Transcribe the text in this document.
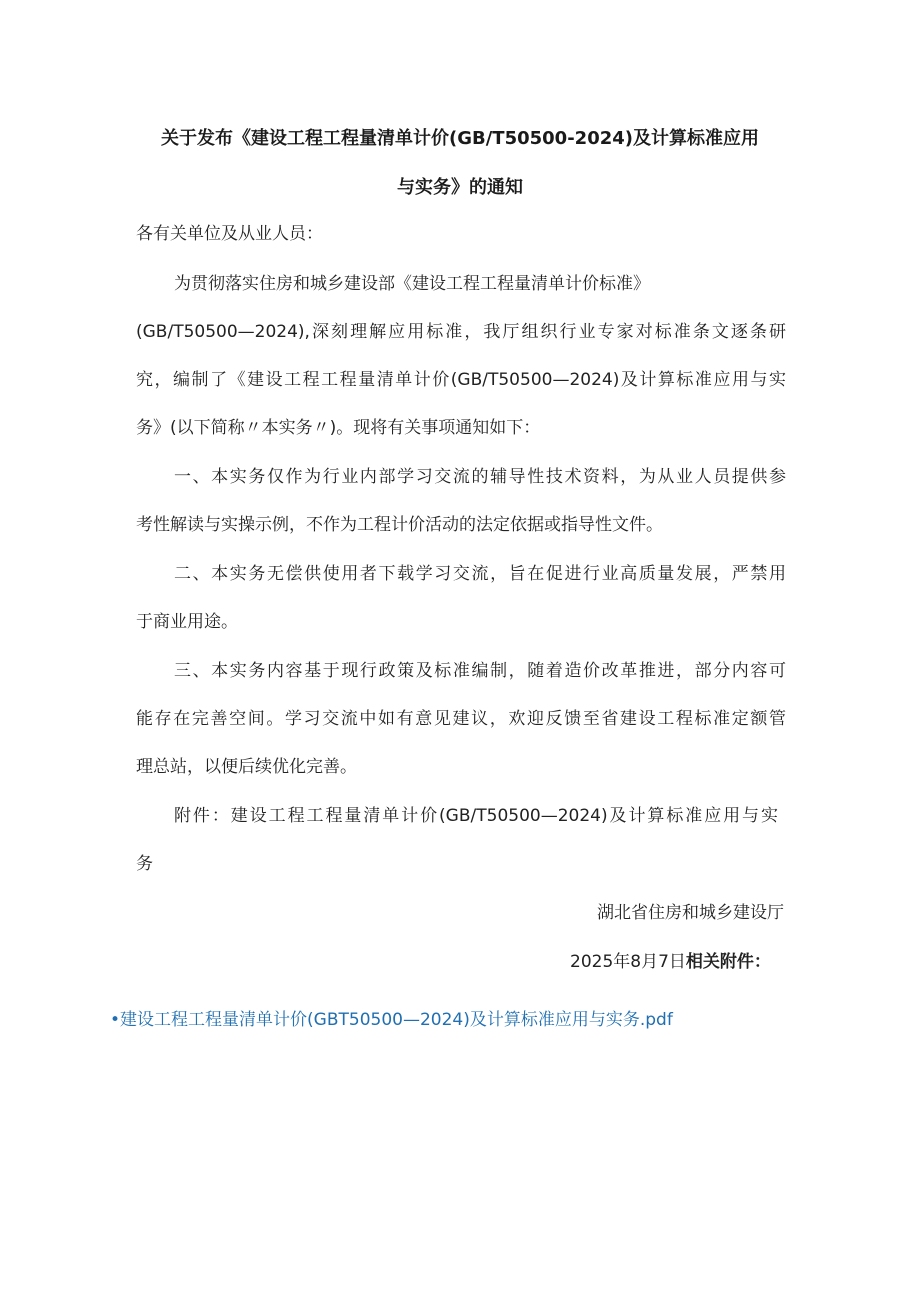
关于发布《建设工程工程量清单计价(GB/T50500-2024)及计算标准应用
与实务》的通知
各有关单位及从业人员：
为贯彻落实住房和城乡建设部《建设工程工程量清单计价标准》
(GB/T50500—2024),深刻理解应用标准，我厅组织行业专家对标准条文逐条研
究，编制了《建设工程工程量清单计价(GB/T50500—2024)及计算标准应用与实
务》(以下简称〃本实务〃)。现将有关事项通知如下：
一、本实务仅作为行业内部学习交流的辅导性技术资料，为从业人员提供参
考性解读与实操示例，不作为工程计价活动的法定依据或指导性文件。
二、本实务无偿供使用者下载学习交流，旨在促进行业高质量发展，严禁用
于商业用途。
三、本实务内容基于现行政策及标准编制，随着造价改革推进，部分内容可
能存在完善空间。学习交流中如有意见建议，欢迎反馈至省建设工程标准定额管
理总站，以便后续优化完善。
附件：建设工程工程量清单计价(GB/T50500—2024)及计算标准应用与实
务
湖北省住房和城乡建设厅
2025年8月7日相关附件：
•建设工程工程量清单计价(GBT50500—2024)及计算标准应用与实务.pdf
